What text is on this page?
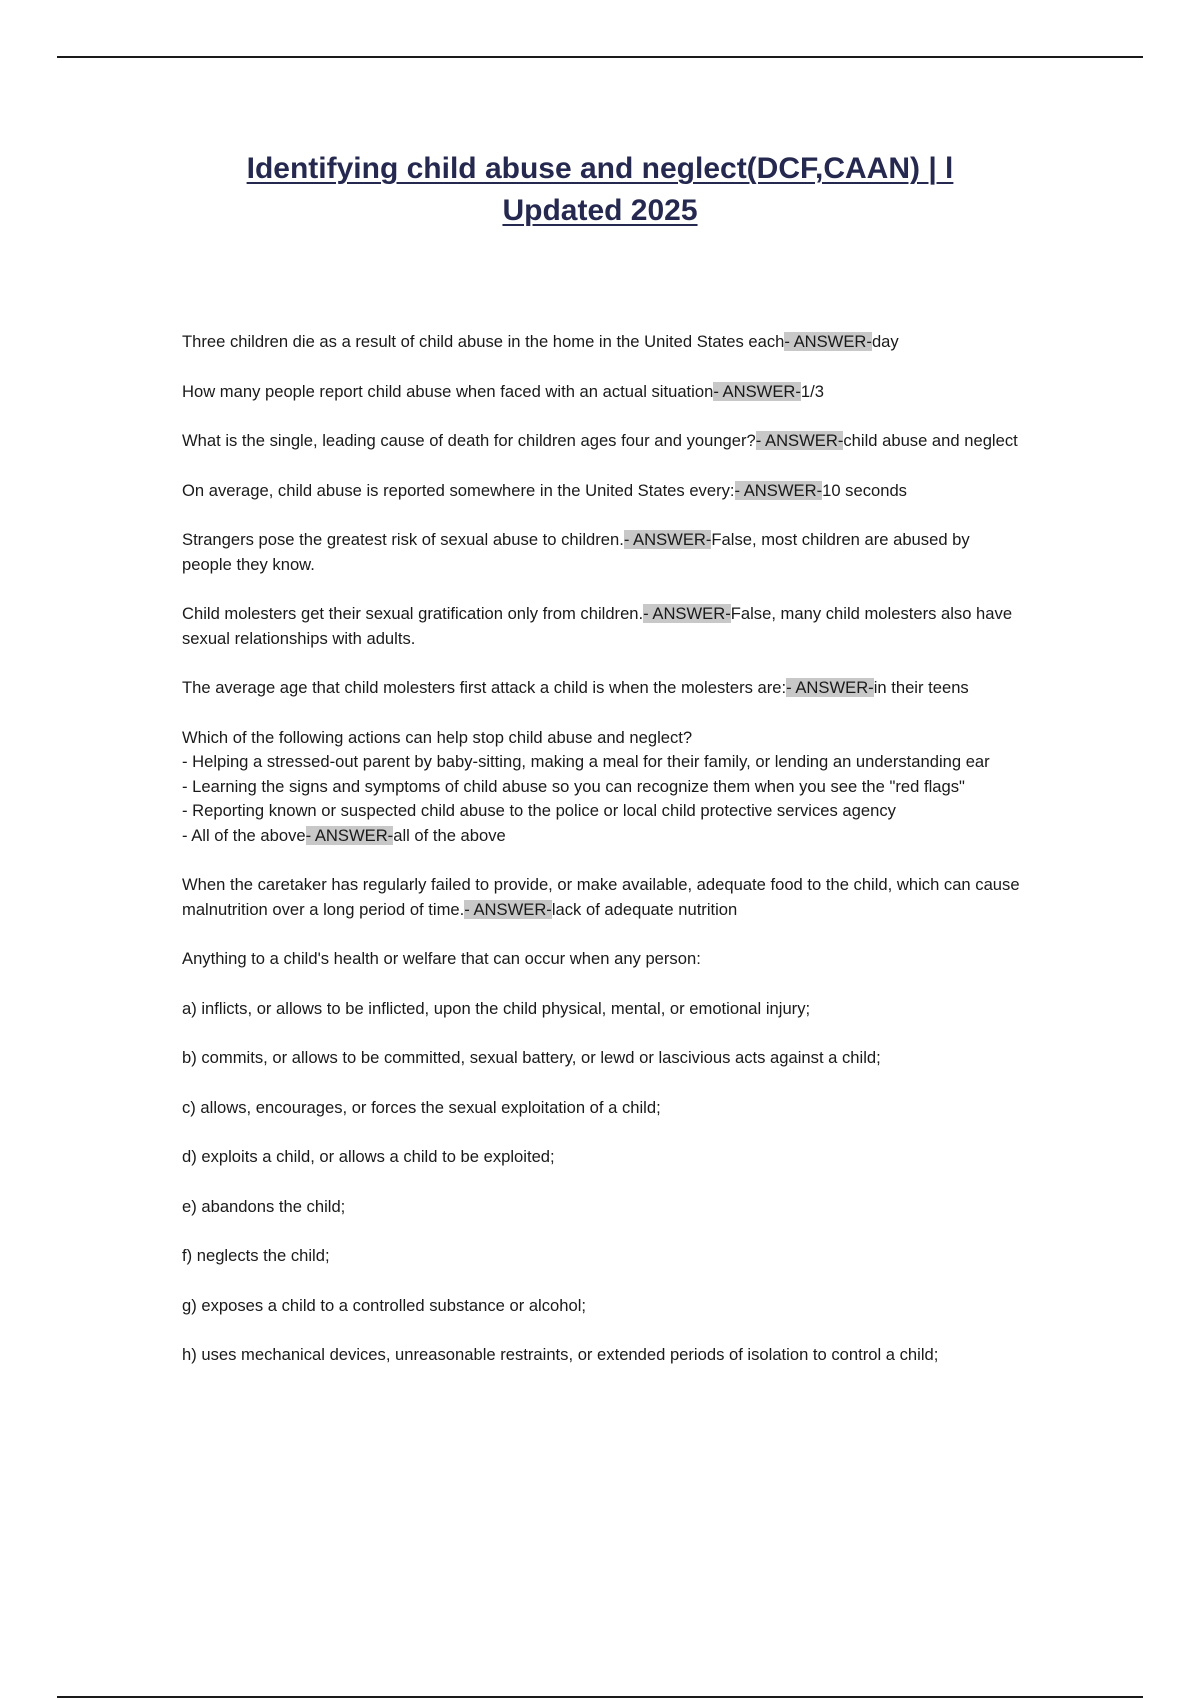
Identifying child abuse and neglect(DCF,CAAN) | l
Updated 2025

Three children die as a result of child abuse in the home in the United States each- ANSWER-day

How many people report child abuse when faced with an actual situation- ANSWER-1/3

What is the single, leading cause of death for children ages four and younger?- ANSWER-child abuse and neglect

On average, child abuse is reported somewhere in the United States every:- ANSWER-10 seconds

Strangers pose the greatest risk of sexual abuse to children.- ANSWER-False, most children are abused by people they know.

Child molesters get their sexual gratification only from children.- ANSWER-False, many child molesters also have sexual relationships with adults.

The average age that child molesters first attack a child is when the molesters are:- ANSWER-in their teens

Which of the following actions can help stop child abuse and neglect?
- Helping a stressed-out parent by baby-sitting, making a meal for their family, or lending an understanding ear
- Learning the signs and symptoms of child abuse so you can recognize them when you see the "red flags"
- Reporting known or suspected child abuse to the police or local child protective services agency
- All of the above- ANSWER-all of the above

When the caretaker has regularly failed to provide, or make available, adequate food to the child, which can cause malnutrition over a long period of time.- ANSWER-lack of adequate nutrition

Anything to a child's health or welfare that can occur when any person:

a) inflicts, or allows to be inflicted, upon the child physical, mental, or emotional injury;

b) commits, or allows to be committed, sexual battery, or lewd or lascivious acts against a child;

c) allows, encourages, or forces the sexual exploitation of a child;

d) exploits a child, or allows a child to be exploited;

e) abandons the child;

f) neglects the child;

g) exposes a child to a controlled substance or alcohol;

h) uses mechanical devices, unreasonable restraints, or extended periods of isolation to control a child;
